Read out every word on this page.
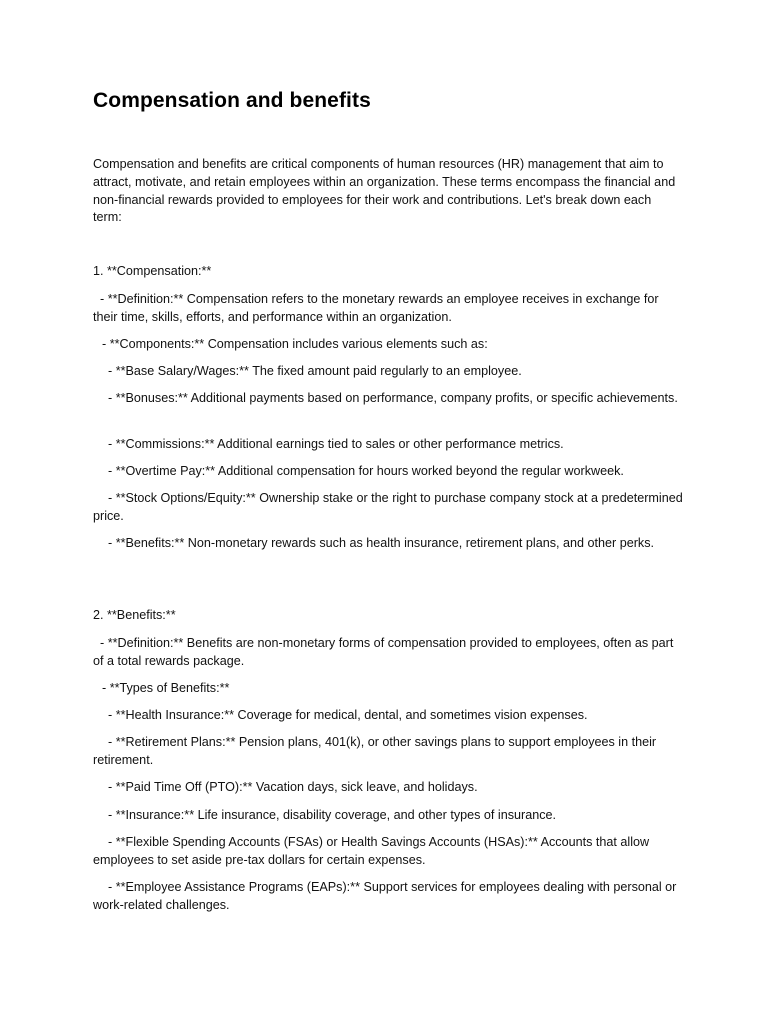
Compensation and benefits

Compensation and benefits are critical components of human resources (HR) management that aim to attract, motivate, and retain employees within an organization. These terms encompass the financial and non-financial rewards provided to employees for their work and contributions. Let's break down each term:

1. **Compensation:**

- **Definition:** Compensation refers to the monetary rewards an employee receives in exchange for their time, skills, efforts, and performance within an organization.

- **Components:** Compensation includes various elements such as:

- **Base Salary/Wages:** The fixed amount paid regularly to an employee.

- **Bonuses:** Additional payments based on performance, company profits, or specific achievements.

- **Commissions:** Additional earnings tied to sales or other performance metrics.

- **Overtime Pay:** Additional compensation for hours worked beyond the regular workweek.

- **Stock Options/Equity:** Ownership stake or the right to purchase company stock at a predetermined price.

- **Benefits:** Non-monetary rewards such as health insurance, retirement plans, and other perks.

2. **Benefits:**

- **Definition:** Benefits are non-monetary forms of compensation provided to employees, often as part of a total rewards package.

- **Types of Benefits:**

- **Health Insurance:** Coverage for medical, dental, and sometimes vision expenses.

- **Retirement Plans:** Pension plans, 401(k), or other savings plans to support employees in their retirement.

- **Paid Time Off (PTO):** Vacation days, sick leave, and holidays.

- **Insurance:** Life insurance, disability coverage, and other types of insurance.

- **Flexible Spending Accounts (FSAs) or Health Savings Accounts (HSAs):** Accounts that allow employees to set aside pre-tax dollars for certain expenses.

- **Employee Assistance Programs (EAPs):** Support services for employees dealing with personal or work-related challenges.
